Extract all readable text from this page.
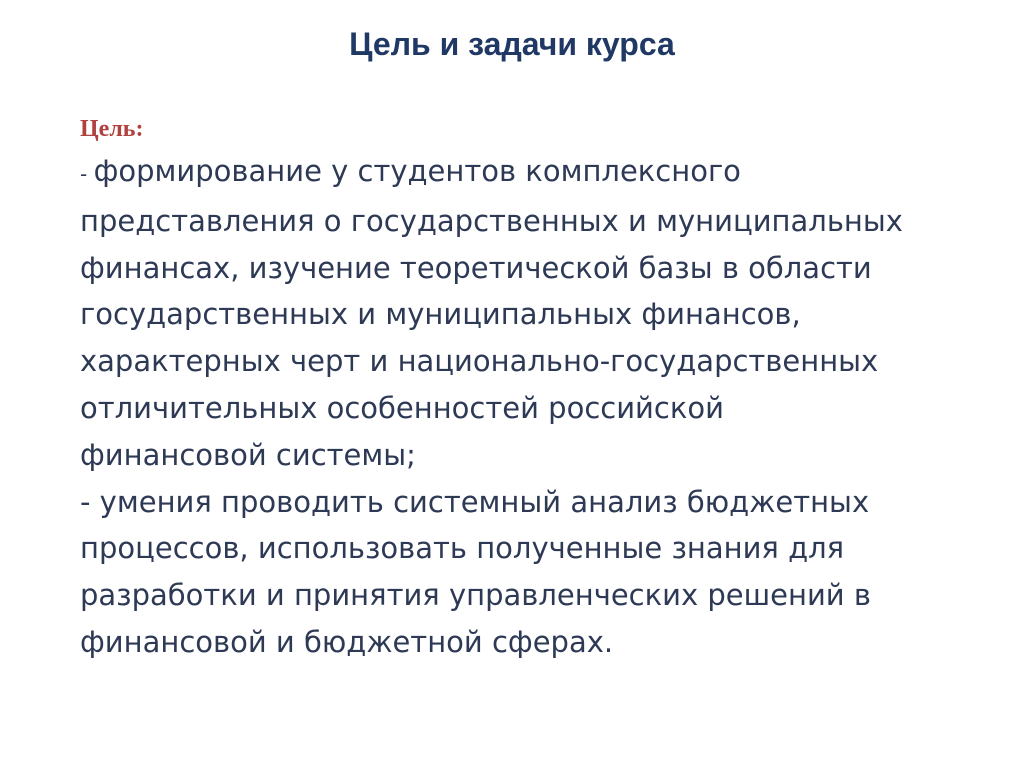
Цель и задачи курса
Цель:
- формирование у студентов комплексного
представления о государственных и муниципальных
финансах, изучение теоретической базы в области
государственных и муниципальных финансов,
характерных черт и национально-государственных
отличительных особенностей российской
финансовой системы;
- умения проводить системный анализ бюджетных
процессов, использовать полученные знания для
разработки и принятия управленческих решений в
финансовой и бюджетной сферах.
